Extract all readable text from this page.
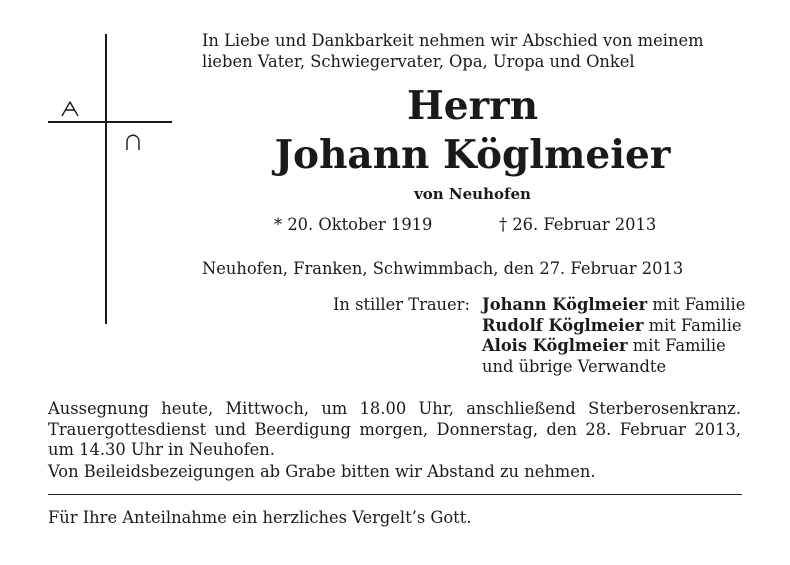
In Liebe und Dankbarkeit nehmen wir Abschied von meinem lieben Vater, Schwiegervater, Opa, Uropa und Onkel
Herrn
Johann Köglmeier
von Neuhofen
* 20. Oktober 1919	† 26. Februar 2013
Neuhofen, Franken, Schwimmbach, den 27. Februar 2013
In stiller Trauer: Johann Köglmeier mit Familie
Rudolf Köglmeier mit Familie
Alois Köglmeier mit Familie
und übrige Verwandte
Aussegnung heute, Mittwoch, um 18.00 Uhr, anschließend Sterberosenkranz. Trauergottesdienst und Beerdigung morgen, Donnerstag, den 28. Februar 2013, um 14.30 Uhr in Neuhofen.
Von Beileidsbezeigungen ab Grabe bitten wir Abstand zu nehmen.
Für Ihre Anteilnahme ein herzliches Vergelt’s Gott.
